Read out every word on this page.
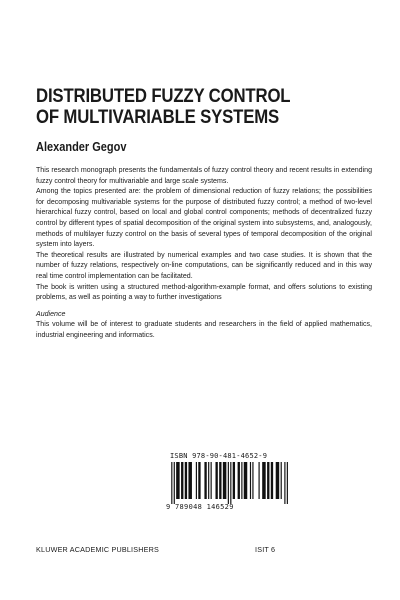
DISTRIBUTED FUZZY CONTROL
OF MULTIVARIABLE SYSTEMS
Alexander Gegov

This research monograph presents the fundamentals of fuzzy control theory and recent results in extending fuzzy control theory for multivariable and large scale systems.

Among the topics presented are: the problem of dimensional reduction of fuzzy relations; the possibilities for decomposing multivariable systems for the purpose of distributed fuzzy control; a method of two-level hierarchical fuzzy control, based on local and global control components; methods of decentralized fuzzy control by different types of spatial decomposition of the original system into subsystems, and, analogously, methods of multilayer fuzzy control on the basis of several types of temporal decomposition of the original system into layers.

The theoretical results are illustrated by numerical examples and two case studies. It is shown that the number of fuzzy relations, respectively on-line computations, can be significantly reduced and in this way real time control implementation can be facilitated.

The book is written using a structured method-algorithm-example format, and offers solutions to existing problems, as well as pointing a way to further investigations

Audience

This volume will be of interest to graduate students and researchers in the field of applied mathematics, industrial engineering and informatics.

ISBN 978-90-481-4652-9
9 789048 146529
KLUWER ACADEMIC PUBLISHERS	ISIT 6
